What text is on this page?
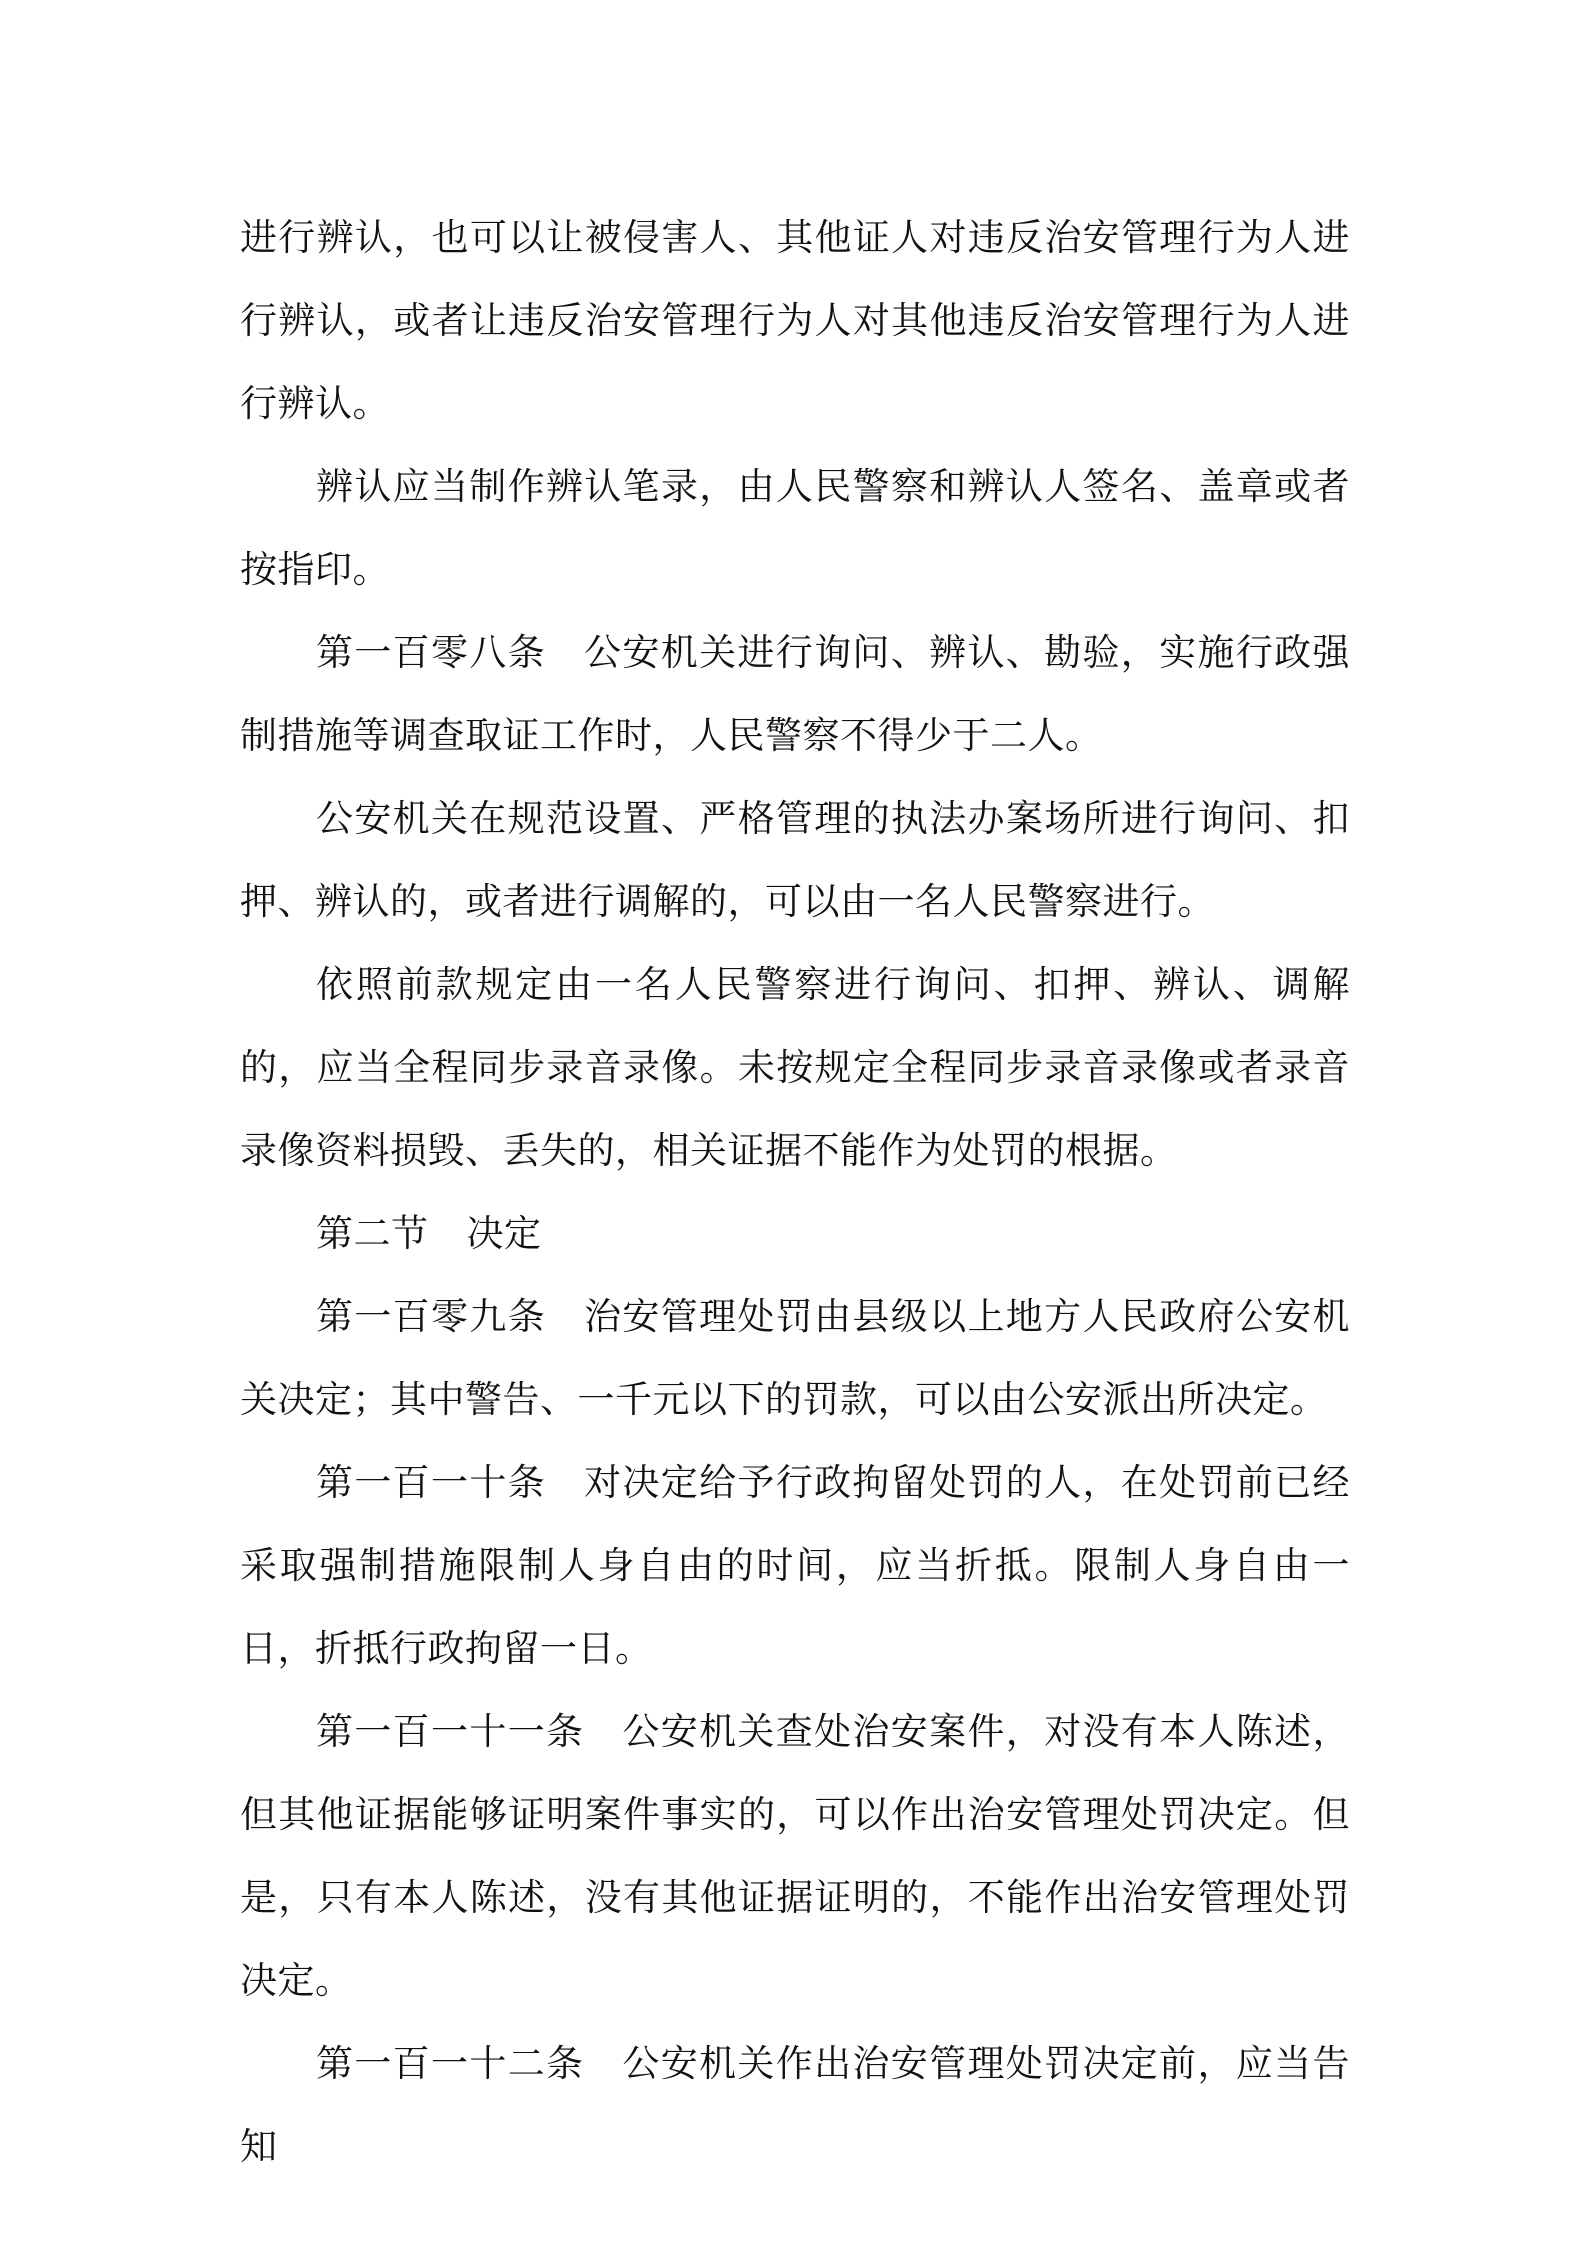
进行辨认，也可以让被侵害人、其他证人对违反治安管理行为人进行辨认，或者让违反治安管理行为人对其他违反治安管理行为人进行辨认。

辨认应当制作辨认笔录，由人民警察和辨认人签名、盖章或者按指印。

第一百零八条 公安机关进行询问、辨认、勘验，实施行政强制措施等调查取证工作时，人民警察不得少于二人。

公安机关在规范设置、严格管理的执法办案场所进行询问、扣押、辨认的，或者进行调解的，可以由一名人民警察进行。

依照前款规定由一名人民警察进行询问、扣押、辨认、调解的，应当全程同步录音录像。未按规定全程同步录音录像或者录音录像资料损毁、丢失的，相关证据不能作为处罚的根据。

第二节 决定

第一百零九条 治安管理处罚由县级以上地方人民政府公安机关决定；其中警告、一千元以下的罚款，可以由公安派出所决定。

第一百一十条 对决定给予行政拘留处罚的人，在处罚前已经采取强制措施限制人身自由的时间，应当折抵。限制人身自由一日，折抵行政拘留一日。

第一百一十一条 公安机关查处治安案件，对没有本人陈述，但其他证据能够证明案件事实的，可以作出治安管理处罚决定。但是，只有本人陈述，没有其他证据证明的，不能作出治安管理处罚决定。

第一百一十二条 公安机关作出治安管理处罚决定前，应当告知
